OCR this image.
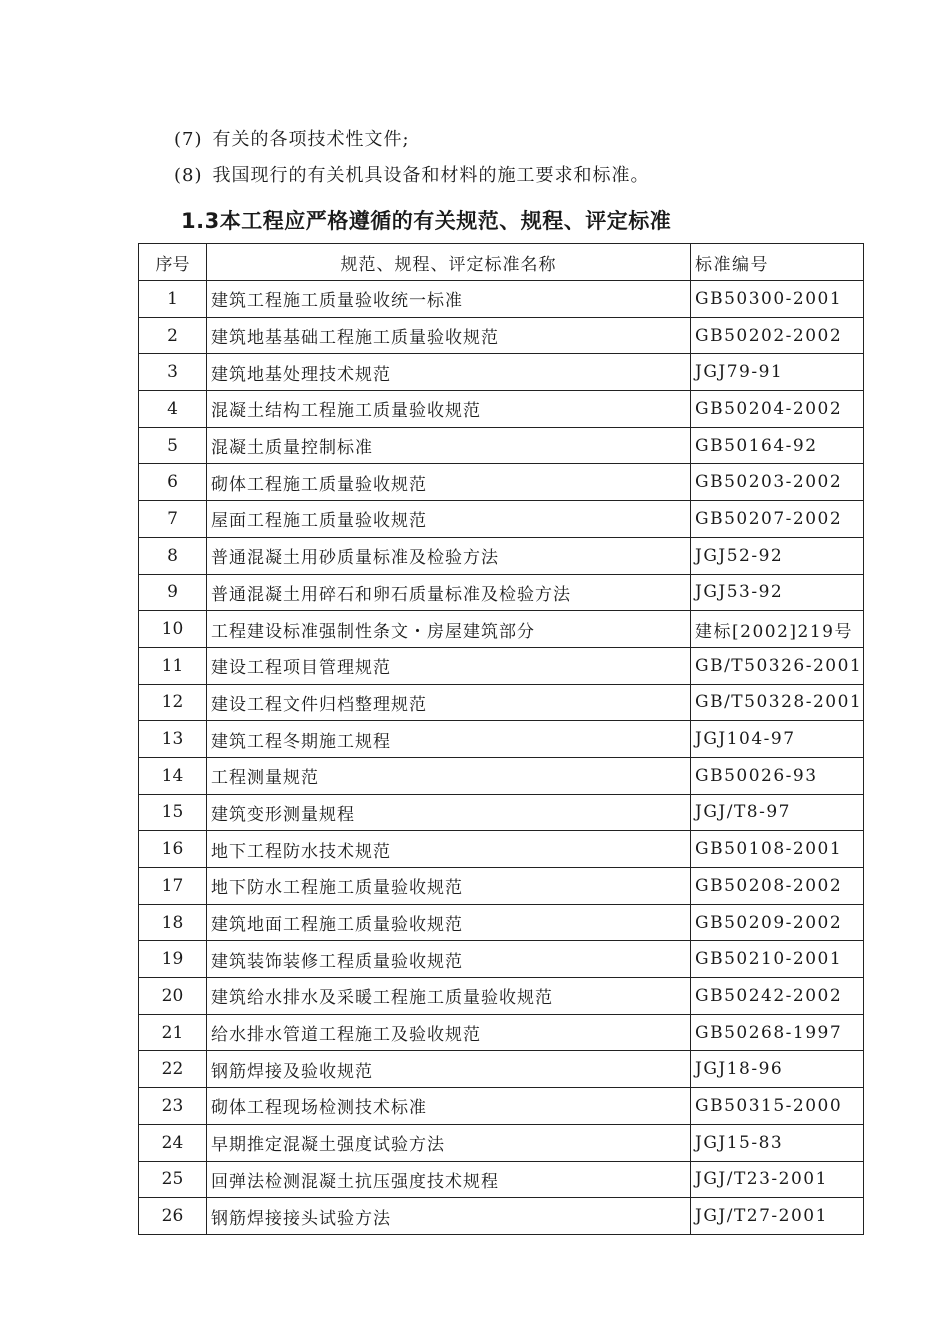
(7) 有关的各项技术性文件;
(8) 我国现行的有关机具设备和材料的施工要求和标准。
1.3本工程应严格遵循的有关规范、规程、评定标准
序号	规范、规程、评定标准名称	标准编号
1	建筑工程施工质量验收统一标准	GB50300-2001
2	建筑地基基础工程施工质量验收规范	GB50202-2002
3	建筑地基处理技术规范	JGJ79-91
4	混凝土结构工程施工质量验收规范	GB50204-2002
5	混凝土质量控制标准	GB50164-92
6	砌体工程施工质量验收规范	GB50203-2002
7	屋面工程施工质量验收规范	GB50207-2002
8	普通混凝土用砂质量标准及检验方法	JGJ52-92
9	普通混凝土用碎石和卵石质量标准及检验方法	JGJ53-92
10	工程建设标准强制性条文・房屋建筑部分	建标[2002]219号
11	建设工程项目管理规范	GB/T50326-2001
12	建设工程文件归档整理规范	GB/T50328-2001
13	建筑工程冬期施工规程	JGJ104-97
14	工程测量规范	GB50026-93
15	建筑变形测量规程	JGJ/T8-97
16	地下工程防水技术规范	GB50108-2001
17	地下防水工程施工质量验收规范	GB50208-2002
18	建筑地面工程施工质量验收规范	GB50209-2002
19	建筑装饰装修工程质量验收规范	GB50210-2001
20	建筑给水排水及采暖工程施工质量验收规范	GB50242-2002
21	给水排水管道工程施工及验收规范	GB50268-1997
22	钢筋焊接及验收规范	JGJ18-96
23	砌体工程现场检测技术标准	GB50315-2000
24	早期推定混凝土强度试验方法	JGJ15-83
25	回弹法检测混凝土抗压强度技术规程	JGJ/T23-2001
26	钢筋焊接接头试验方法	JGJ/T27-2001
